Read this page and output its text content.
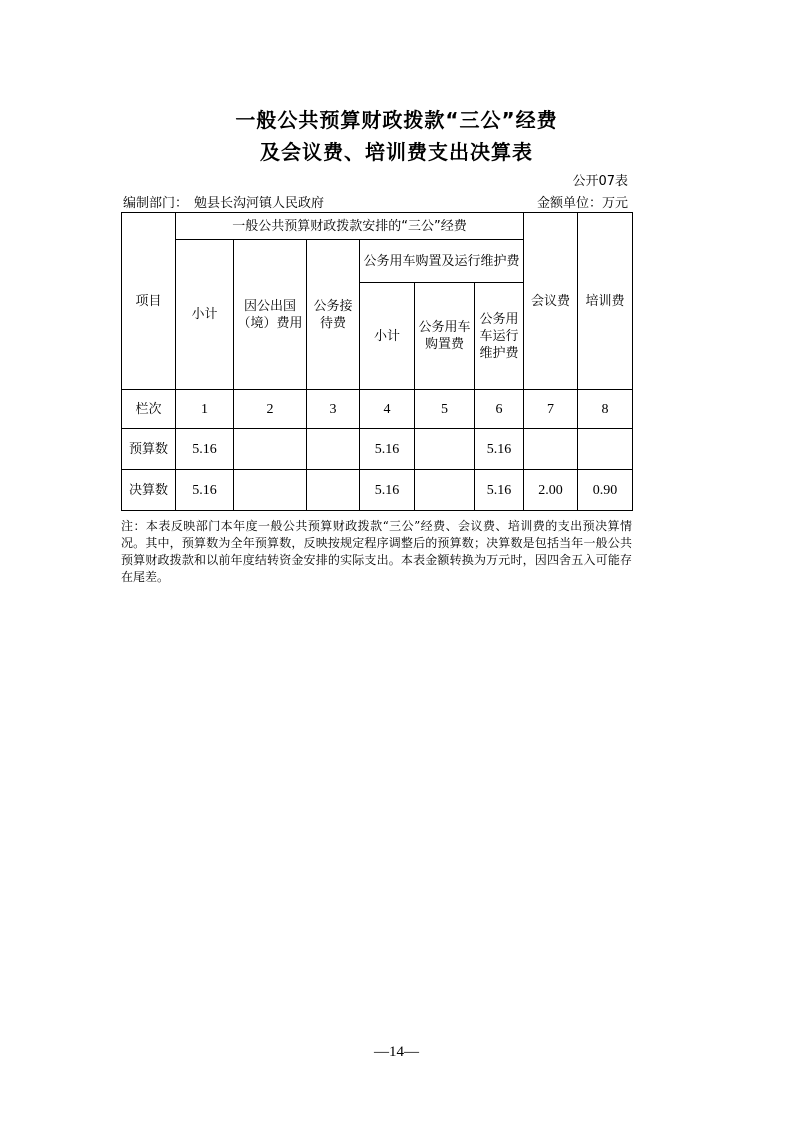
一般公共预算财政拨款“三公”经费
及会议费、培训费支出决算表
公开07表
编制部门： 勉县长沟河镇人民政府	金额单位：万元
项目	一般公共预算财政拨款安排的“三公”经费						会议费	培训费
	小计	因公出国（境）费用	公务接待费	公务用车购置及运行维护费				
				小计	公务用车购置费	公务用车运行维护费		

栏次	1	2	3	4	5	6	7	8
预算数	5.16			5.16		5.16		
决算数	5.16			5.16		5.16	2.00	0.90
注：本表反映部门本年度一般公共预算财政拨款“三公”经费、会议费、培训费的支出预决算情况。其中，预算数为全年预算数，反映按规定程序调整后的预算数；决算数是包括当年一般公共预算财政拨款和以前年度结转资金安排的实际支出。本表金额转换为万元时，因四舍五入可能存在尾差。
—14—
